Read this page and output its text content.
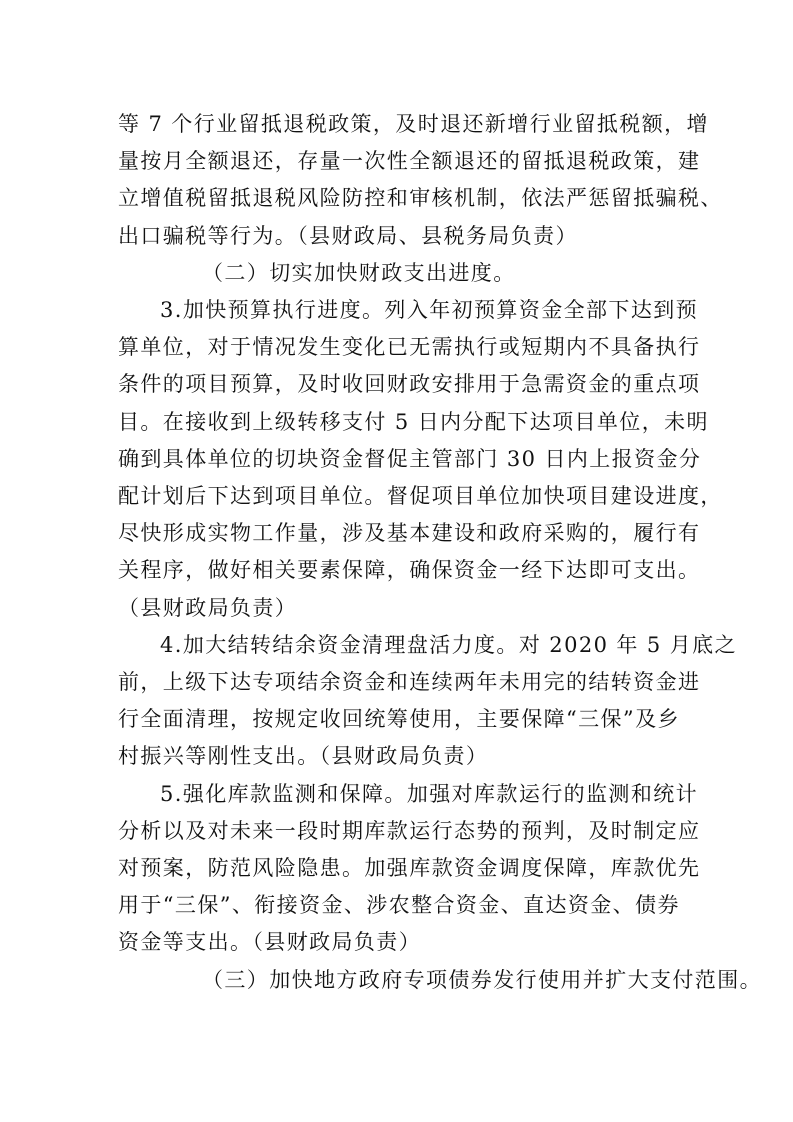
等 7 个行业留抵退税政策，及时退还新增行业留抵税额，增
量按月全额退还，存量一次性全额退还的留抵退税政策，建
立增值税留抵退税风险防控和审核机制，依法严惩留抵骗税、
出口骗税等行为。（县财政局、县税务局负责）
（二）切实加快财政支出进度。
3.加快预算执行进度。列入年初预算资金全部下达到预
算单位，对于情况发生变化已无需执行或短期内不具备执行
条件的项目预算，及时收回财政安排用于急需资金的重点项
目。在接收到上级转移支付 5 日内分配下达项目单位，未明
确到具体单位的切块资金督促主管部门 30 日内上报资金分
配计划后下达到项目单位。督促项目单位加快项目建设进度，
尽快形成实物工作量，涉及基本建设和政府采购的，履行有
关程序，做好相关要素保障，确保资金一经下达即可支出。
（县财政局负责）
4.加大结转结余资金清理盘活力度。对 2020 年 5 月底之
前，上级下达专项结余资金和连续两年未用完的结转资金进
行全面清理，按规定收回统筹使用，主要保障“三保”及乡
村振兴等刚性支出。（县财政局负责）
5.强化库款监测和保障。加强对库款运行的监测和统计
分析以及对未来一段时期库款运行态势的预判，及时制定应
对预案，防范风险隐患。加强库款资金调度保障，库款优先
用于“三保”、衔接资金、涉农整合资金、直达资金、债券
资金等支出。（县财政局负责）
（三）加快地方政府专项债券发行使用并扩大支付范围。
